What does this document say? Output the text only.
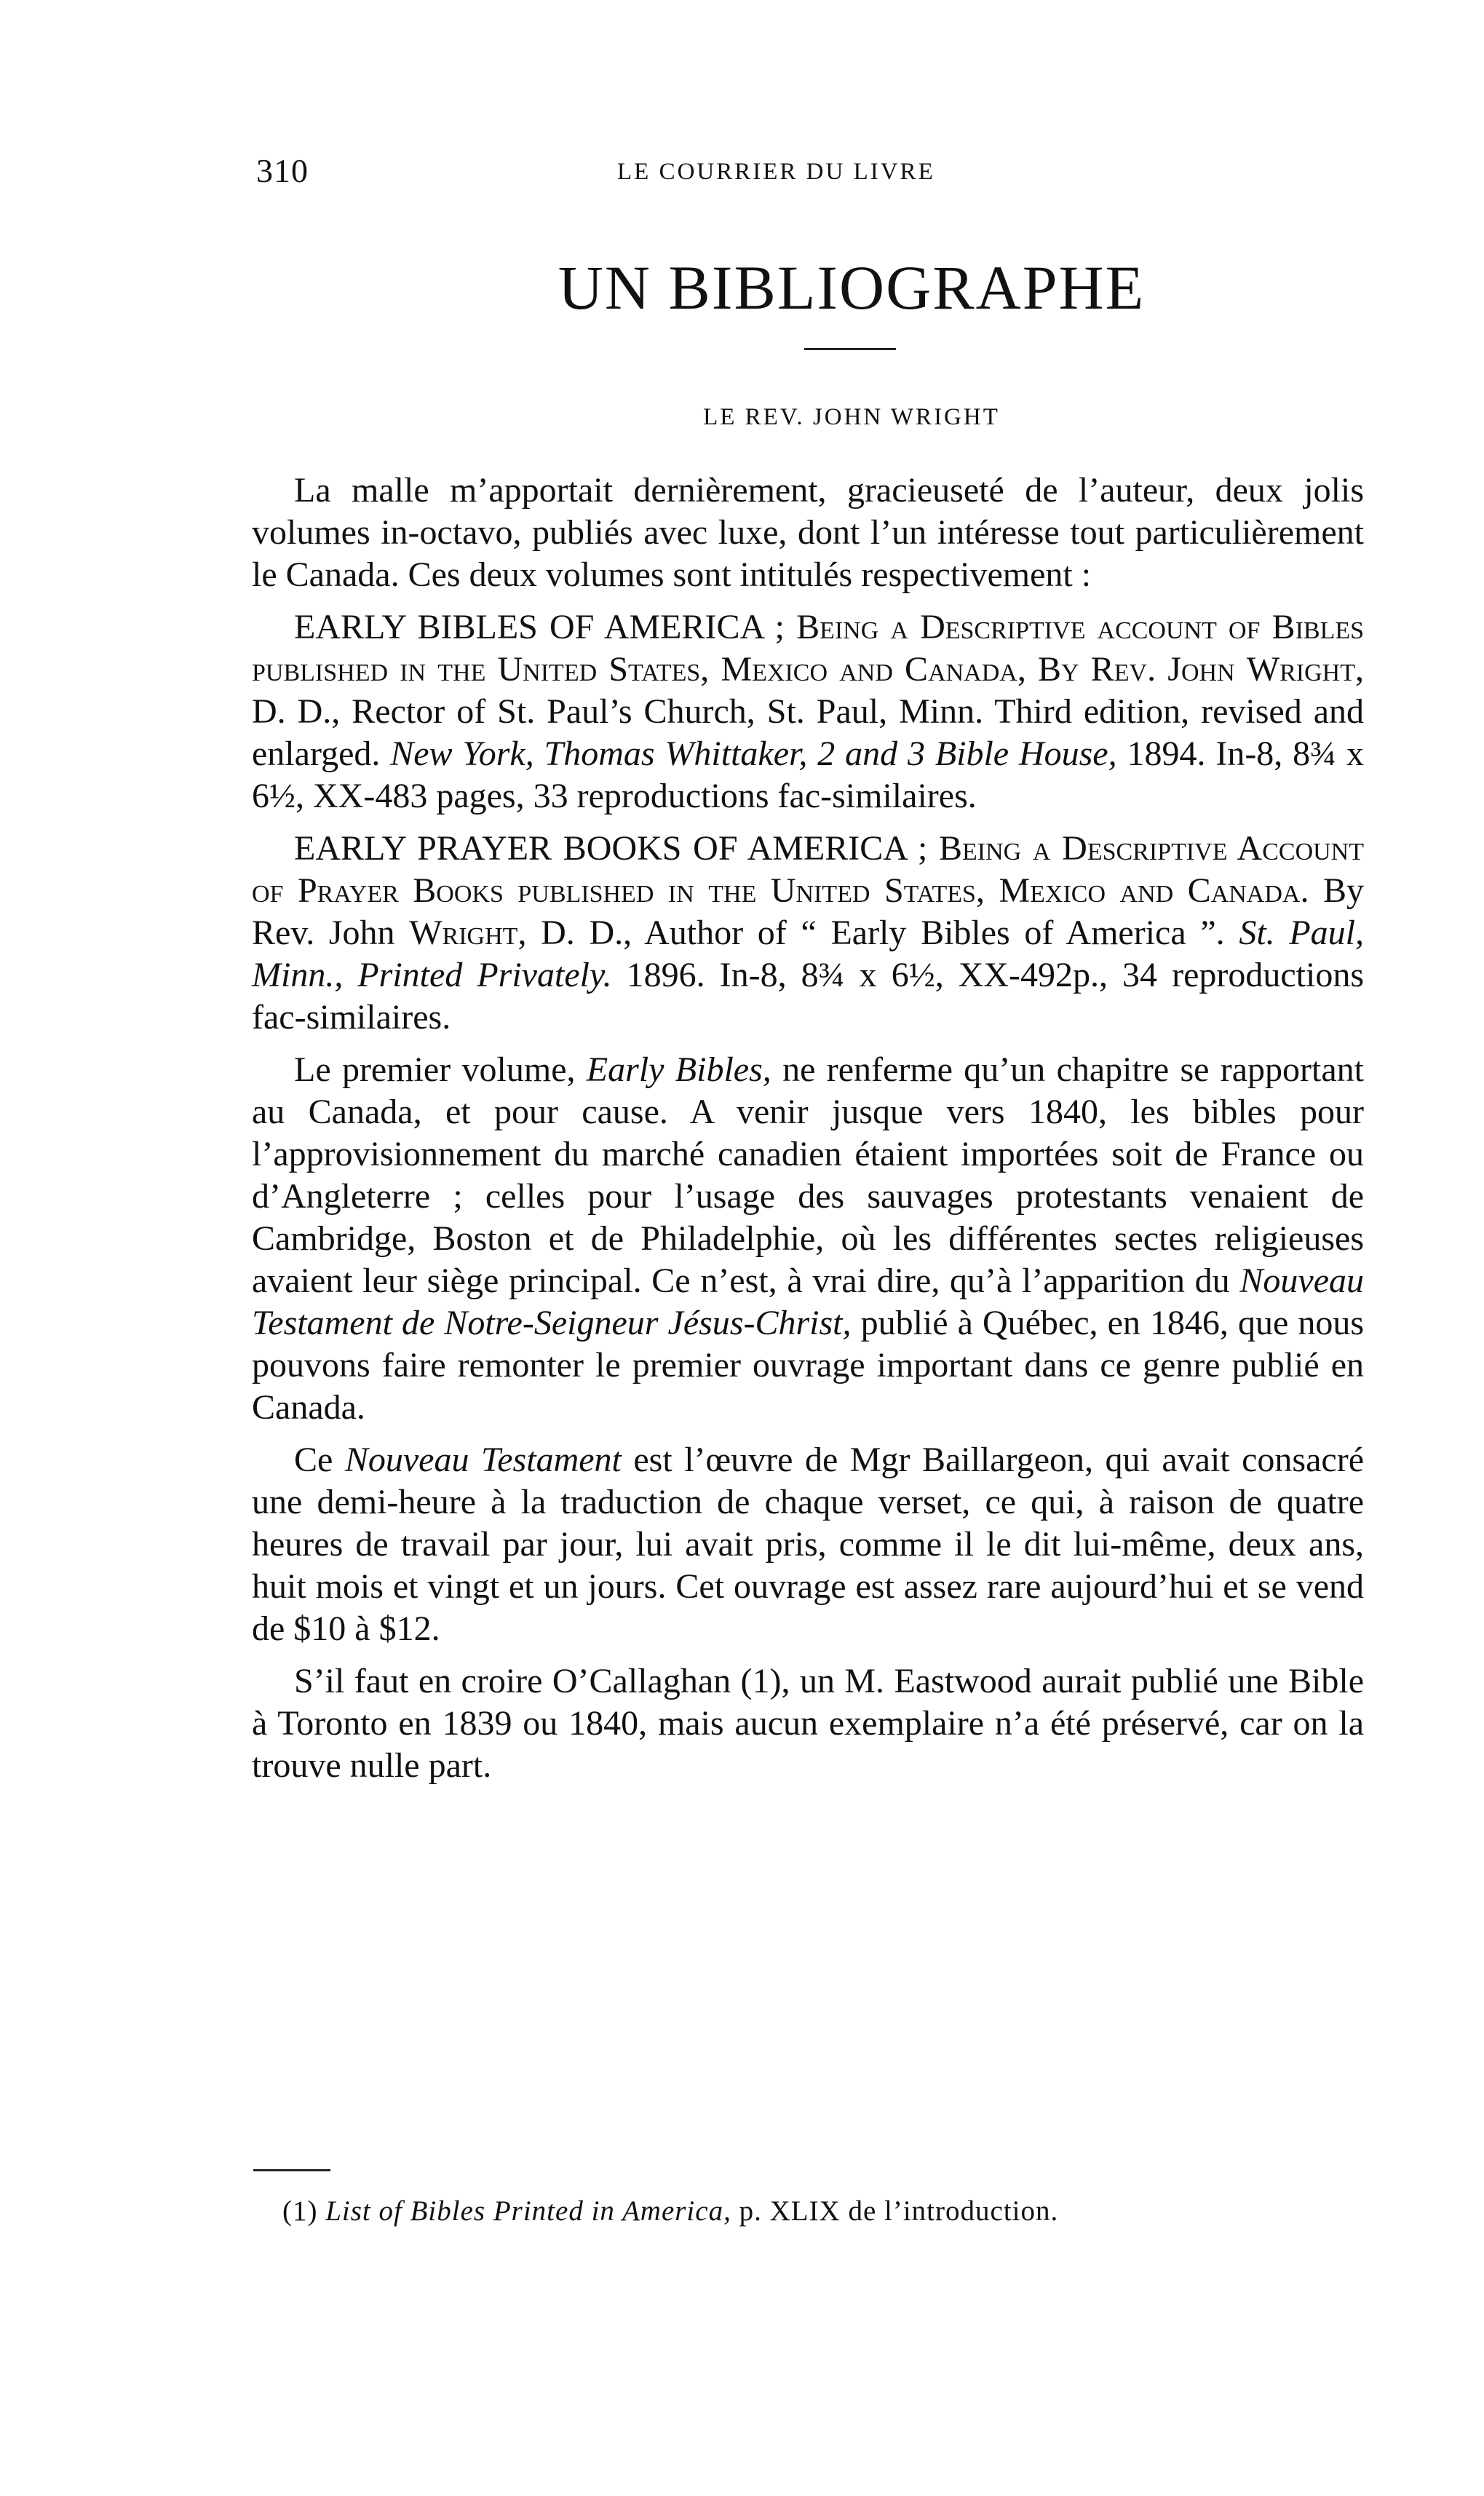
310	LE COURRIER DU LIVRE
UN BIBLIOGRAPHE
LE REV. JOHN WRIGHT

La malle m’apportait dernièrement, gracieuseté de l’auteur, deux jolis volumes in-octavo, publiés avec luxe, dont l’un intéresse tout particulièrement le Canada. Ces deux volumes sont intitulés respectivement :

EARLY BIBLES OF AMERICA ; Being a Descriptive account of Bibles published in the United States, Mexico and Canada, By Rev. John Wright, D. D., Rector of St. Paul’s Church, St. Paul, Minn. Third edition, revised and enlarged. New York, Thomas Whittaker, 2 and 3 Bible House, 1894. In-8, 8¾ x 6½, XX-483 pages, 33 reproductions fac-similaires.

EARLY PRAYER BOOKS OF AMERICA ; Being a Descriptive Account of Prayer Books published in the United States, Mexico and Canada. By Rev. John Wright, D. D., Author of “ Early Bibles of America ”. St. Paul, Minn., Printed Privately. 1896. In-8, 8¾ x 6½, XX-492p., 34 reproductions fac-similaires.

Le premier volume, Early Bibles, ne renferme qu’un chapitre se rapportant au Canada, et pour cause. A venir jusque vers 1840, les bibles pour l’approvisionnement du marché canadien étaient importées soit de France ou d’Angleterre ; celles pour l’usage des sauvages protestants venaient de Cambridge, Boston et de Philadelphie, où les différentes sectes religieuses avaient leur siège principal. Ce n’est, à vrai dire, qu’à l’apparition du Nouveau Testament de Notre-Seigneur Jésus-Christ, publié à Québec, en 1846, que nous pouvons faire remonter le premier ouvrage important dans ce genre publié en Canada.

Ce Nouveau Testament est l’œuvre de Mgr Baillargeon, qui avait consacré une demi-heure à la traduction de chaque verset, ce qui, à raison de quatre heures de travail par jour, lui avait pris, comme il le dit lui-même, deux ans, huit mois et vingt et un jours. Cet ouvrage est assez rare aujourd’hui et se vend de $10 à $12.

S’il faut en croire O’Callaghan (1), un M. Eastwood aurait publié une Bible à Toronto en 1839 ou 1840, mais aucun exemplaire n’a été préservé, car on la trouve nulle part.

(1) List of Bibles Printed in America, p. XLIX de l’introduction.
